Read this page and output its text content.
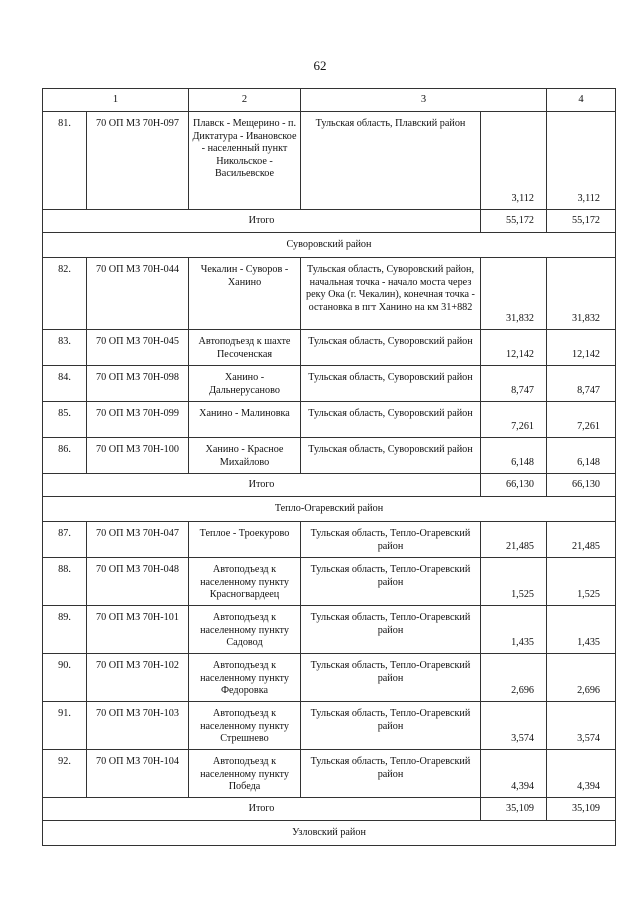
62
1		2	3		4
81.	70 ОП МЗ 70Н-097	Плавск - Мещерино - п. Диктатура - Ивановское - населенный пункт Никольское - Васильевское	Тульская область, Плавский район	3,112	3,112
Итого				55,172	55,172
Суворовский район					
82.	70 ОП МЗ 70Н-044	Чекалин - Суворов - Ханино	Тульская область, Суворовский район, начальная точка - начало моста через реку Ока (г. Чекалин), конечная точка - остановка в пгт Ханино на км 31+882	31,832	31,832
83.	70 ОП МЗ 70Н-045	Автоподъезд к шахте Песоченская	Тульская область, Суворовский район	12,142	12,142
84.	70 ОП МЗ 70Н-098	Ханино - Дальнерусаново	Тульская область, Суворовский район	8,747	8,747
85.	70 ОП МЗ 70Н-099	Ханино - Малиновка	Тульская область, Суворовский район	7,261	7,261
86.	70 ОП МЗ 70Н-100	Ханино - Красное Михайлово	Тульская область, Суворовский район	6,148	6,148
Итого				66,130	66,130
Тепло-Огаревский район					
87.	70 ОП МЗ 70Н-047	Теплое - Троекурово	Тульская область, Тепло-Огаревский район	21,485	21,485
88.	70 ОП МЗ 70Н-048	Автоподъезд к населенному пункту Красногвардеец	Тульская область, Тепло-Огаревский район	1,525	1,525
89.	70 ОП МЗ 70Н-101	Автоподъезд к населенному пункту Садовод	Тульская область, Тепло-Огаревский район	1,435	1,435
90.	70 ОП МЗ 70Н-102	Автоподъезд к населенному пункту Федоровка	Тульская область, Тепло-Огаревский район	2,696	2,696
91.	70 ОП МЗ 70Н-103	Автоподъезд к населенному пункту Стрешнево	Тульская область, Тепло-Огаревский район	3,574	3,574
92.	70 ОП МЗ 70Н-104	Автоподъезд к населенному пункту Победа	Тульская область, Тепло-Огаревский район	4,394	4,394
Итого				35,109	35,109
Узловский район					
